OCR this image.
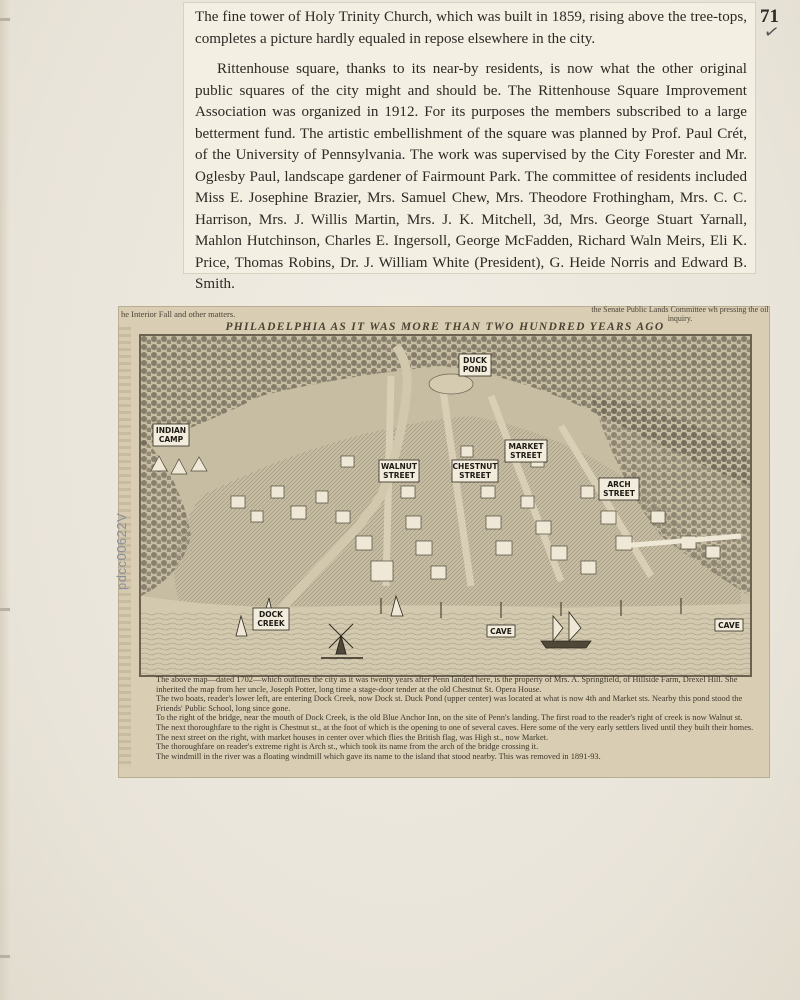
71
✓

The fine tower of Holy Trinity Church, which was built in 1859, rising above the tree-tops, completes a picture hardly equaled in repose elsewhere in the city.

Rittenhouse square, thanks to its near-by residents, is now what the other original public squares of the city might and should be. The Rittenhouse Square Improvement Association was organized in 1912. For its purposes the members subscribed to a large betterment fund. The artistic embellishment of the square was planned by Prof. Paul Crét, of the University of Pennsylvania. The work was supervised by the City Forester and Mr. Oglesby Paul, landscape gardener of Fairmount Park. The committee of residents included Miss E. Josephine Brazier, Mrs. Samuel Chew, Mrs. Theodore Frothingham, Mrs. C. C. Harrison, Mrs. J. Willis Martin, Mrs. J. K. Mitchell, 3d, Mrs. George Stuart Yarnall, Mahlon Hutchinson, Charles E. Ingersoll, George McFadden, Richard Waln Meirs, Eli K. Price, Thomas Robins, Dr. J. William White (President), G. Heide Norris and Edward B. Smith.

he Interior Fall and other matters.	the Senate Public Lands Committee wh pressing the oil inquiry.
PHILADELPHIA AS IT WAS MORE THAN TWO HUNDRED YEARS AGO
DUCK
POND
INDIAN
CAMP
WALNUT
STREET
CHESTNUT
STREET
MARKET
STREET
ARCH
STREET
DOCK
CREEK
CAVE
CAVE

The above map—dated 1702—which outlines the city as it was twenty years after Penn landed here, is the property of Mrs. A. Springfield, of Hillside Farm, Drexel Hill. She inherited the map from her uncle, Joseph Potter, long time a stage-door tender at the old Chestnut St. Opera House.

The two boats, reader's lower left, are entering Dock Creek, now Dock st. Duck Pond (upper center) was located at what is now 4th and Market sts. Nearby this pond stood the Friends' Public School, long since gone.

To the right of the bridge, near the mouth of Dock Creek, is the old Blue Anchor Inn, on the site of Penn's landing. The first road to the reader's right of creek is now Walnut st. The next thoroughfare to the right is Chestnut st., at the foot of which is the opening to one of several caves. Here some of the very early settlers lived until they built their homes.

The next street on the right, with market houses in center over which flies the British flag, was High st., now Market.

The thoroughfare on reader's extreme right is Arch st., which took its name from the arch of the bridge crossing it.

The windmill in the river was a floating windmill which gave its name to the island that stood nearby. This was removed in 1891-93.

pdcc00622V
